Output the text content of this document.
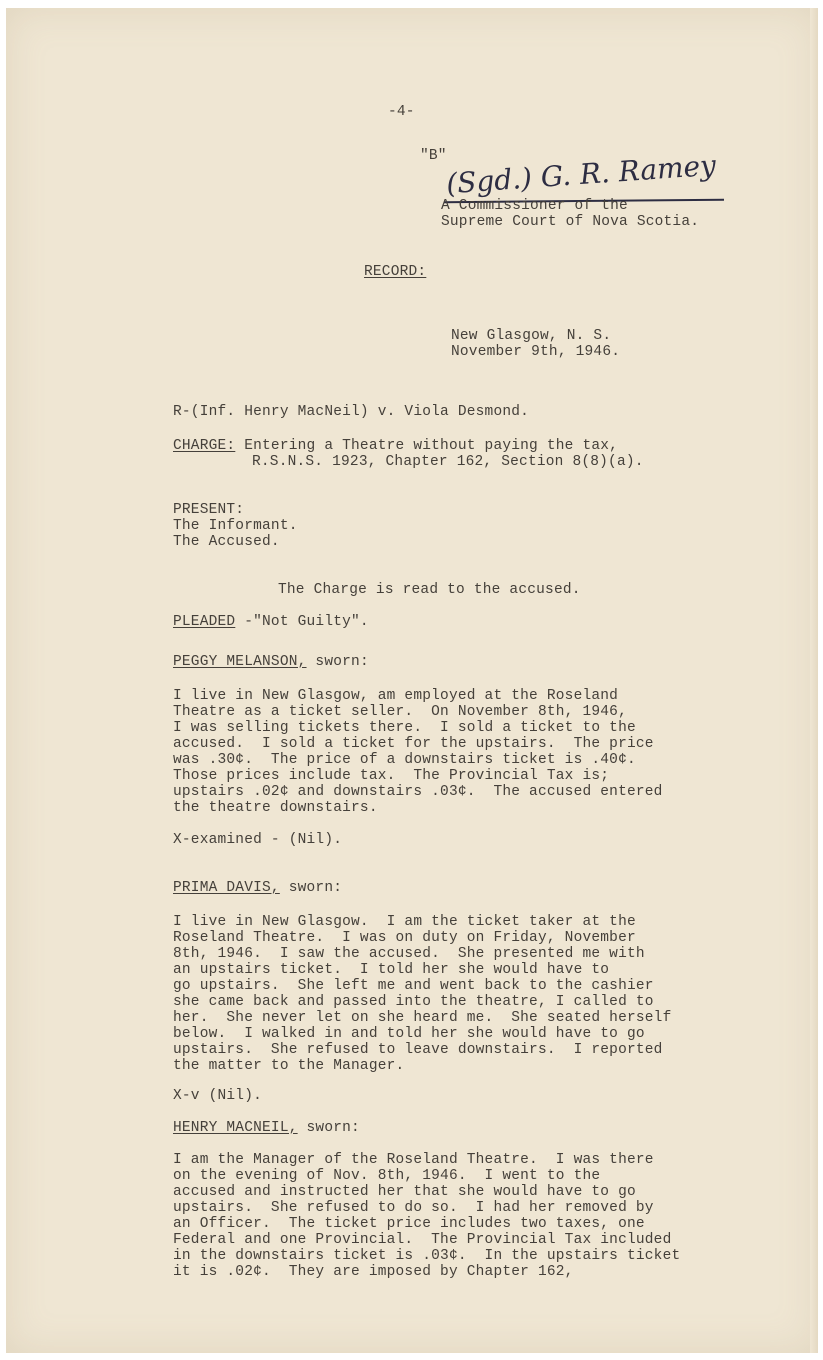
-4-
"B"
(Sgd.) G. R. Ramey
A Commissioner of the
Supreme Court of Nova Scotia.
RECORD:
New Glasgow, N. S.
November 9th, 1946.
R-(Inf. Henry MacNeil) v. Viola Desmond.
CHARGE: Entering a Theatre without paying the tax,
R.S.N.S. 1923, Chapter 162, Section 8(8)(a).
PRESENT:
The Informant.
The Accused.
The Charge is read to the accused.
PLEADED -"Not Guilty".
PEGGY MELANSON, sworn:
I live in New Glasgow, am employed at the Roseland
Theatre as a ticket seller.  On November 8th, 1946,
I was selling tickets there.  I sold a ticket to the
accused.  I sold a ticket for the upstairs.  The price
was .30¢.  The price of a downstairs ticket is .40¢.
Those prices include tax.  The Provincial Tax is;
upstairs .02¢ and downstairs .03¢.  The accused entered
the theatre downstairs.
X-examined - (Nil).
PRIMA DAVIS, sworn:
I live in New Glasgow.  I am the ticket taker at the
Roseland Theatre.  I was on duty on Friday, November
8th, 1946.  I saw the accused.  She presented me with
an upstairs ticket.  I told her she would have to
go upstairs.  She left me and went back to the cashier
she came back and passed into the theatre, I called to
her.  She never let on she heard me.  She seated herself
below.  I walked in and told her she would have to go
upstairs.  She refused to leave downstairs.  I reported
the matter to the Manager.
X-v (Nil).
HENRY MACNEIL, sworn:
I am the Manager of the Roseland Theatre.  I was there
on the evening of Nov. 8th, 1946.  I went to the
accused and instructed her that she would have to go
upstairs.  She refused to do so.  I had her removed by
an Officer.  The ticket price includes two taxes, one
Federal and one Provincial.  The Provincial Tax included
in the downstairs ticket is .03¢.  In the upstairs ticket
it is .02¢.  They are imposed by Chapter 162,
